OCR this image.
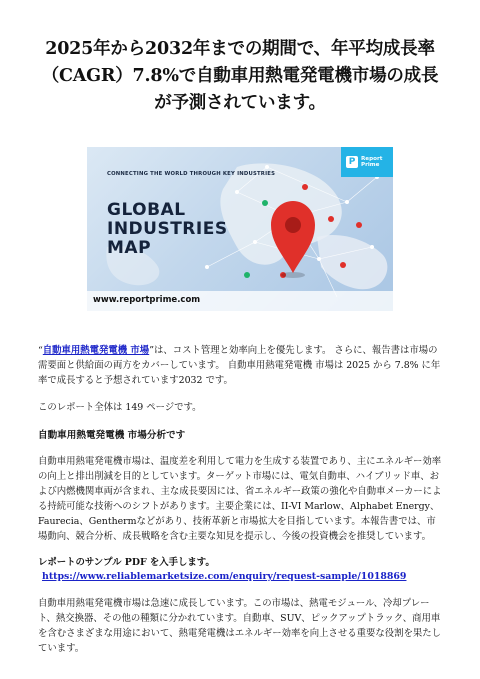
2025年から2032年までの期間で、年平均成長率（CAGR）7.8%で自動車用熱電発電機市場の成長が予測されています。
CONNECTING THE WORLD THROUGH KEY INDUSTRIES
GLOBAL
INDUSTRIES
MAP
P	Report
Prime
www.reportprime.com

“自動車用熱電発電機 市場”は、コスト管理と効率向上を優先します。 さらに、報告書は市場の需要面と供給面の両方をカバーしています。 自動車用熱電発電機 市場は 2025 から 7.8% に年率で成長すると予想されています2032 です。

このレポート全体は 149 ページです。

自動車用熱電発電機 市場分析です

自動車用熱電発電機市場は、温度差を利用して電力を生成する装置であり、主にエネルギー効率の向上と排出削減を目的としています。ターゲット市場には、電気自動車、ハイブリッド車、および内燃機関車両が含まれ、主な成長要因には、省エネルギー政策の強化や自動車メーカーによる持続可能な技術へのシフトがあります。主要企業には、II-VI Marlow、Alphabet Energy、Faurecia、Genthermなどがあり、技術革新と市場拡大を目指しています。本報告書では、市場動向、競合分析、成長戦略を含む主要な知見を提示し、今後の投資機会を推奨しています。

レポートのサンプル PDF を入手します。https://www.reliablemarketsize.com/enquiry/request-sample/1018869

自動車用熱電発電機市場は急速に成長しています。この市場は、熱電モジュール、冷却プレート、熱交換器、その他の種類に分かれています。自動車、SUV、ピックアップトラック、商用車を含むさまざまな用途において、熱電発電機はエネルギー効率を向上させる重要な役割を果たしています。
